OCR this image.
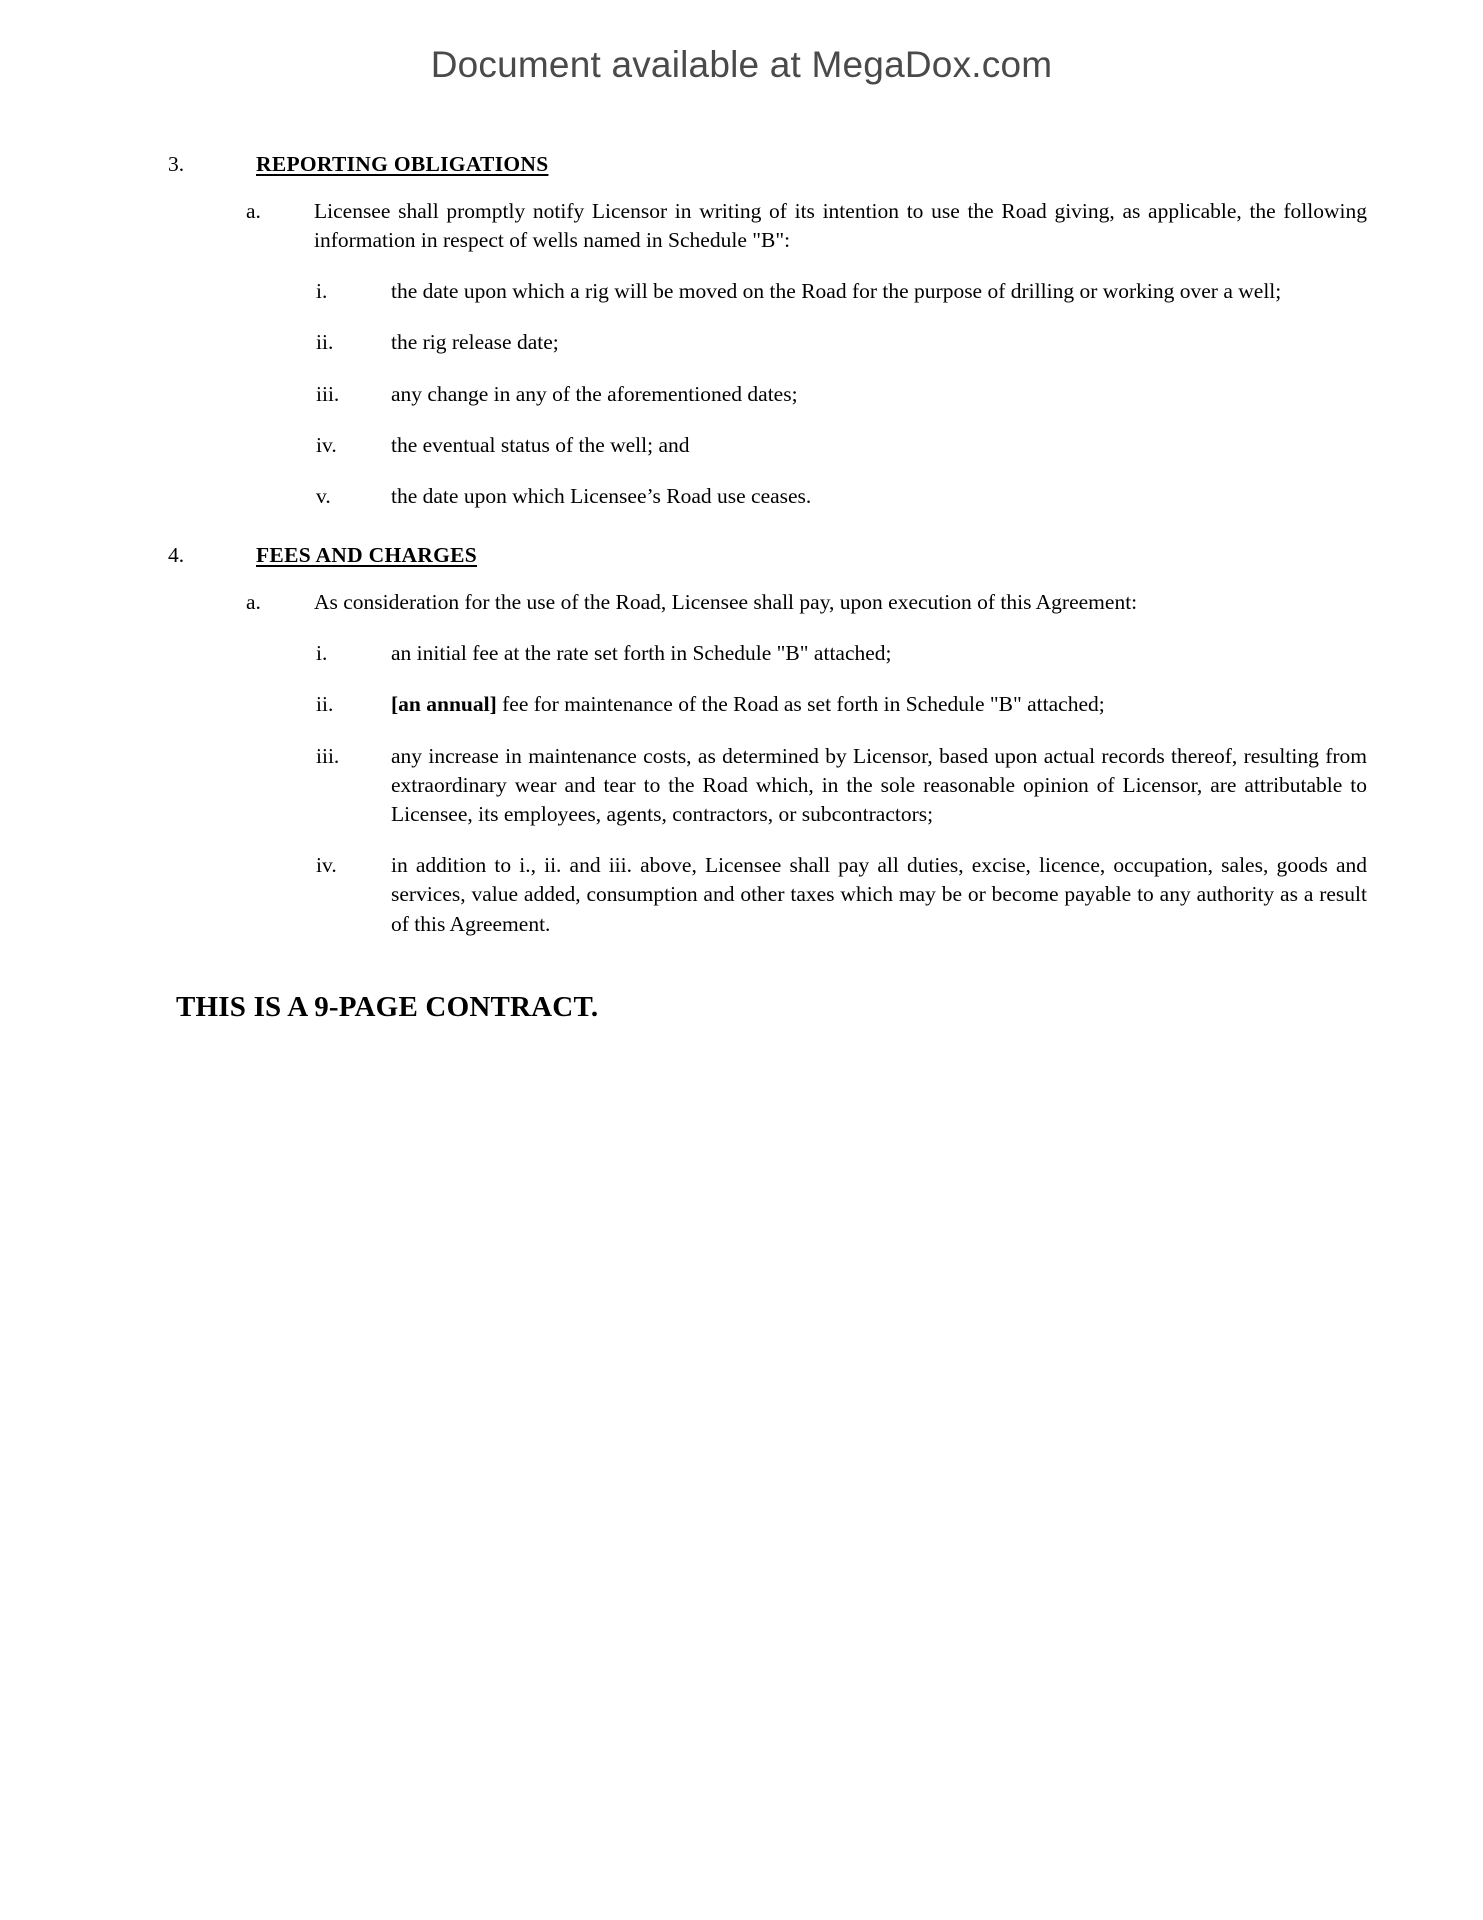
Document available at MegaDox.com
3.	REPORTING OBLIGATIONS
a.	Licensee shall promptly notify Licensor in writing of its intention to use the Road giving, as applicable, the following information in respect of wells named in Schedule "B":
i.	the date upon which a rig will be moved on the Road for the purpose of drilling or working over a well;
ii.	the rig release date;
iii.	any change in any of the aforementioned dates;
iv.	the eventual status of the well; and
v.	the date upon which Licensee’s Road use ceases.
4.	FEES AND CHARGES
a.	As consideration for the use of the Road, Licensee shall pay, upon execution of this Agreement:
i.	an initial fee at the rate set forth in Schedule "B" attached;
ii.	[an annual] fee for maintenance of the Road as set forth in Schedule "B" attached;
iii.	any increase in maintenance costs, as determined by Licensor, based upon actual records thereof, resulting from extraordinary wear and tear to the Road which, in the sole reasonable opinion of Licensor, are attributable to Licensee, its employees, agents, contractors, or subcontractors;
iv.	in addition to i., ii. and iii. above, Licensee shall pay all duties, excise, licence, occupation, sales, goods and services, value added, consumption and other taxes which may be or become payable to any authority as a result of this Agreement.
THIS IS A 9-PAGE CONTRACT.
